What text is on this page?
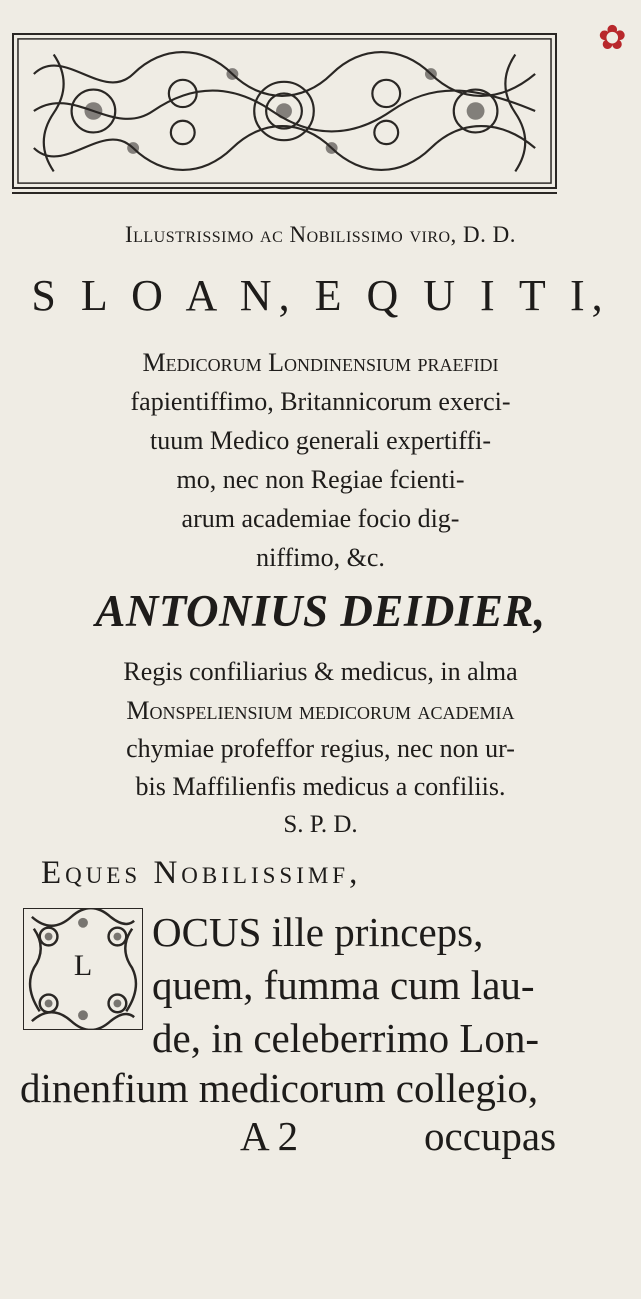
✿
Illustrissimo ac Nobilissimo viro, D. D.
S L O A N, E Q U I T I,
Medicorum Londinensium praefidi
fapientiffimo, Britannicorum exerci-
tuum Medico generali expertiffi-
mo, nec non Regiae fcienti-
arum academiae focio dig-
niffimo, &c.
ANTONIUS DEIDIER,
Regis confiliarius & medicus, in alma
Monspeliensium medicorum academia
chymiae profeffor regius, nec non ur-
bis Maffilienfis medicus a confiliis.
S. P. D.
Eques Nobilissimf,
L
OCUS ille princeps,
quem, fumma cum lau-
de, in celeberrimo Lon-
dinenfium medicorum collegio,
A 2	occupas
